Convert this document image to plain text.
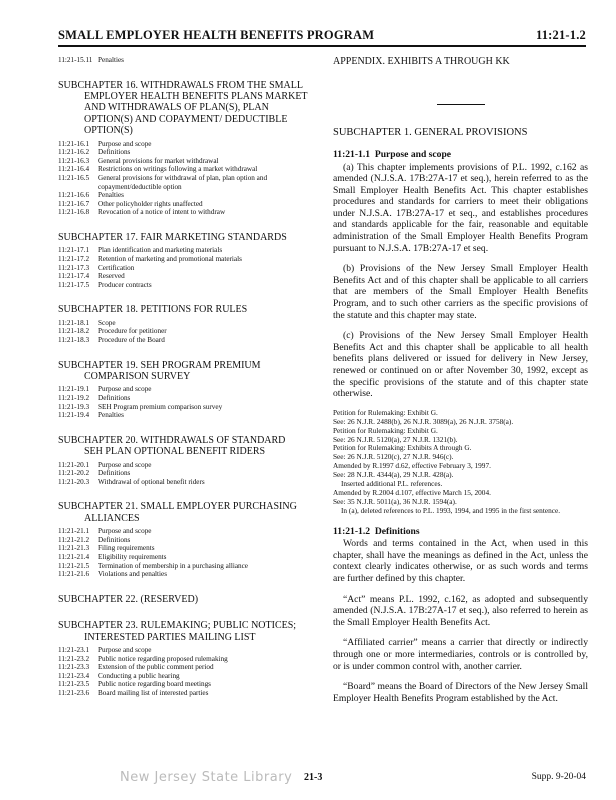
SMALL EMPLOYER HEALTH BENEFITS PROGRAM	11:21-1.2
11:21-15.11 Penalties
SUBCHAPTER 16. WITHDRAWALS FROM THE SMALL
EMPLOYER HEALTH BENEFITS PLANS MARKET AND WITHDRAWALS OF PLAN(S), PLAN OPTION(S) AND COPAYMENT/ DEDUCTIBLE OPTION(S)
11:21-16.1	Purpose and scope
11:21-16.2	Definitions
11:21-16.3	General provisions for market withdrawal
11:21-16.4	Restrictions on writings following a market withdrawal
11:21-16.5	General provisions for withdrawal of plan, plan option and
copayment/deductible option
11:21-16.6	Penalties
11:21-16.7	Other policyholder rights unaffected
11:21-16.8	Revocation of a notice of intent to withdraw
SUBCHAPTER 17. FAIR MARKETING STANDARDS
11:21-17.1	Plan identification and marketing materials
11:21-17.2	Retention of marketing and promotional materials
11:21-17.3	Certification
11:21-17.4	Reserved
11:21-17.5	Producer contracts
SUBCHAPTER 18. PETITIONS FOR RULES
11:21-18.1	Scope
11:21-18.2	Procedure for petitioner
11:21-18.3	Procedure of the Board
SUBCHAPTER 19. SEH PROGRAM PREMIUM
COMPARISON SURVEY
11:21-19.1	Purpose and scope
11:21-19.2	Definitions
11:21-19.3	SEH Program premium comparison survey
11:21-19.4	Penalties
SUBCHAPTER 20. WITHDRAWALS OF STANDARD
SEH PLAN OPTIONAL BENEFIT RIDERS
11:21-20.1	Purpose and scope
11:21-20.2	Definitions
11:21-20.3	Withdrawal of optional benefit riders
SUBCHAPTER 21. SMALL EMPLOYER PURCHASING
ALLIANCES
11:21-21.1	Purpose and scope
11:21-21.2	Definitions
11:21-21.3	Filing requirements
11:21-21.4	Eligibility requirements
11:21-21.5	Termination of membership in a purchasing alliance
11:21-21.6	Violations and penalties
SUBCHAPTER 22. (RESERVED)
SUBCHAPTER 23. RULEMAKING; PUBLIC NOTICES;
INTERESTED PARTIES MAILING LIST
11:21-23.1	Purpose and scope
11:21-23.2	Public notice regarding proposed rulemaking
11:21-23.3	Extension of the public comment period
11:21-23.4	Conducting a public hearing
11:21-23.5	Public notice regarding board meetings
11:21-23.6	Board mailing list of interested parties
APPENDIX. EXHIBITS A THROUGH KK
SUBCHAPTER 1. GENERAL PROVISIONS
11:21-1.1 Purpose and scope

(a) This chapter implements provisions of P.L. 1992, c.162 as amended (N.J.S.A. 17B:27A-17 et seq.), herein referred to as the Small Employer Health Benefits Act. This chapter establishes procedures and standards for carriers to meet their obligations under N.J.S.A. 17B:27A-17 et seq., and establishes procedures and standards applicable for the fair, reasonable and equitable administration of the Small Employer Health Benefits Program pursuant to N.J.S.A. 17B:27A-17 et seq.

(b) Provisions of the New Jersey Small Employer Health Benefits Act and of this chapter shall be applicable to all carriers that are members of the Small Employer Health Benefits Program, and to such other carriers as the specific provisions of the statute and this chapter may state.

(c) Provisions of the New Jersey Small Employer Health Benefits Act and this chapter shall be applicable to all health benefits plans delivered or issued for delivery in New Jersey, renewed or continued on or after November 30, 1992, except as the specific provisions of the statute and of this chapter state otherwise.

Petition for Rulemaking: Exhibit G.
See: 26 N.J.R. 2488(b), 26 N.J.R. 3089(a), 26 N.J.R. 3758(a).
Petition for Rulemaking: Exhibit G.
See: 26 N.J.R. 5120(a), 27 N.J.R. 1321(b).
Petition for Rulemaking: Exhibits A through G.
See: 26 N.J.R. 5120(c), 27 N.J.R. 946(c).
Amended by R.1997 d.62, effective February 3, 1997.
See: 28 N.J.R. 4344(a), 29 N.J.R. 428(a).
Inserted additional P.L. references.
Amended by R.2004 d.107, effective March 15, 2004.
See: 35 N.J.R. 5011(a), 36 N.J.R. 1594(a).
In (a), deleted references to P.L. 1993, 1994, and 1995 in the first sentence.
11:21-1.2 Definitions

Words and terms contained in the Act, when used in this chapter, shall have the meanings as defined in the Act, unless the context clearly indicates otherwise, or as such words and terms are further defined by this chapter.

“Act” means P.L. 1992, c.162, as adopted and subsequently amended (N.J.S.A. 17B:27A-17 et seq.), also referred to herein as the Small Employer Health Benefits Act.

“Affiliated carrier” means a carrier that directly or indirectly through one or more intermediaries, controls or is controlled by, or is under common control with, another carrier.

“Board” means the Board of Directors of the New Jersey Small Employer Health Benefits Program established by the Act.

New Jersey State Library 21-3	Supp. 9-20-04
